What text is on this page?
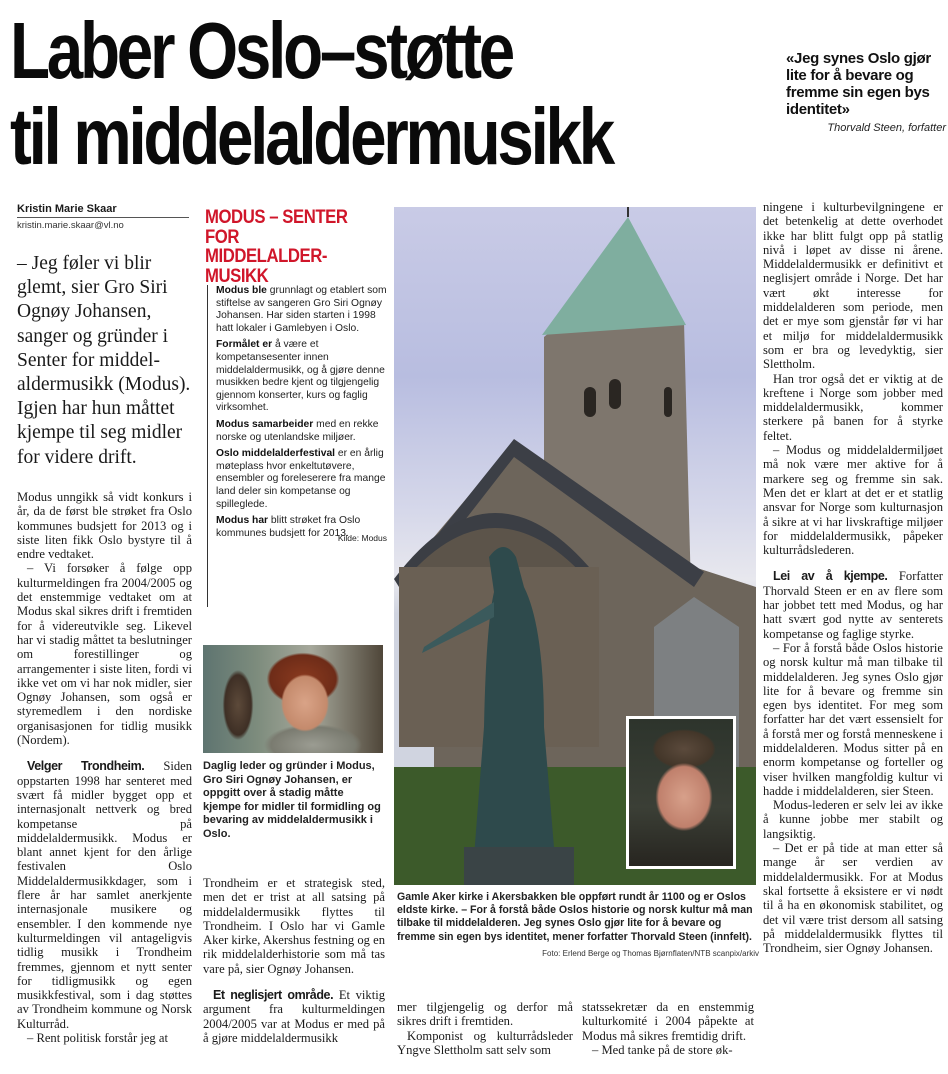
Laber Oslo–støtte
til middelaldermusikk
«Jeg synes Oslo gjør lite for å bevare og fremme sin egen bys identitet»
Thorvald Steen, forfatter
Kristin Marie Skaar
kristin.marie.skaar@vl.no
– Jeg føler vi blir glemt, sier Gro Siri Ognøy Johansen, sanger og gründer i Senter for middel-aldermusikk (Modus). Igjen har hun måttet kjempe til seg midler for videre drift.

Modus unngikk så vidt konkurs i år, da de først ble strøket fra Oslo kommunes budsjett for 2013 og i siste liten fikk Oslo bystyre til å endre vedtaket.

– Vi forsøker å følge opp kulturmeldingen fra 2004/2005 og det enstemmige vedtaket om at Modus skal sikres drift i fremtiden for å videreutvikle seg. Likevel har vi stadig måttet ta beslutninger om forestillinger og arrangementer i siste liten, fordi vi ikke vet om vi har nok midler, sier Ognøy Johansen, som også er styremedlem i den nordiske organisasjonen for tidlig musikk (Nordem).

Velger Trondheim. Siden oppstarten 1998 har senteret med svært få midler bygget opp et internasjonalt nettverk og bred kompetanse på middelaldermusikk. Modus er blant annet kjent for den årlige festivalen Oslo Middelaldermusikkdager, som i flere år har samlet anerkjente internasjonale musikere og ensembler. I den kommende nye kulturmeldingen vil antageligvis tidlig musikk i Trondheim fremmes, gjennom et nytt senter for tidligmusikk og egen musikkfestival, som i dag støttes av Trondheim kommune og Norsk Kulturråd.

– Rent politisk forstår jeg at

MODUS – SENTER FOR MIDDELALDER-MUSIKK

Modus ble grunnlagt og etablert som stiftelse av sangeren Gro Siri Ognøy Johansen. Har siden starten i 1998 hatt lokaler i Gamlebyen i Oslo.

Formålet er å være et kompetansesenter innen middelaldermusikk, og å gjøre denne musikken bedre kjent og tilgjengelig gjennom konserter, kurs og faglig virksomhet.

Modus samarbeider med en rekke norske og utenlandske miljøer.

Oslo middelalderfestival er en årlig møteplass hvor enkeltutøvere, ensembler og foreleserere fra mange land deler sin kompetanse og spilleglede.

Modus har blitt strøket fra Oslo kommunes budsjett for 2013.

Kilde: Modus
Daglig leder og gründer i Modus, Gro Siri Ognøy Johansen, er oppgitt over å stadig måtte kjempe for midler til formidling og bevaring av middelaldermusikk i Oslo.

Trondheim er et strategisk sted, men det er trist at all satsing på middelaldermusikk flyttes til Trondheim. I Oslo har vi Gamle Aker kirke, Akershus festning og en rik middelalderhistorie som må tas vare på, sier Ognøy Johansen.

Et neglisjert område. Et viktig argument fra kulturmeldingen 2004/2005 var at Modus er med på å gjøre middelaldermusikk

Gamle Aker kirke i Akersbakken ble oppført rundt år 1100 og er Oslos eldste kirke. – For å forstå både Oslos historie og norsk kultur må man tilbake til middelalderen. Jeg synes Oslo gjør lite for å bevare og fremme sin egen bys identitet, mener forfatter Thorvald Steen (innfelt).
Foto: Erlend Berge og Thomas Bjørnflaten/NTB scanpix/arkiv

mer tilgjengelig og derfor må sikres drift i fremtiden.

Komponist og kulturrådsleder Yngve Slettholm satt selv som

statssekretær da en enstemmig kulturkomité i 2004 påpekte at Modus må sikres fremtidig drift.

– Med tanke på de store øk-

ningene i kulturbevilgningene er det betenkelig at dette overhodet ikke har blitt fulgt opp på statlig nivå i løpet av disse ni årene. Middelaldermusikk er definitivt et neglisjert område i Norge. Det har vært økt interesse for middelalderen som periode, men det er mye som gjenstår før vi har et miljø for middelaldermusikk som er bra og levedyktig, sier Slettholm.

Han tror også det er viktig at de kreftene i Norge som jobber med middelaldermusikk, kommer sterkere på banen for å styrke feltet.

– Modus og middelaldermiljøet må nok være mer aktive for å markere seg og fremme sin sak. Men det er klart at det er et statlig ansvar for Norge som kulturnasjon å sikre at vi har livskraftige miljøer for middelaldermusikk, påpeker kulturrådslederen.

Lei av å kjempe. Forfatter Thorvald Steen er en av flere som har jobbet tett med Modus, og har hatt svært god nytte av senterets kompetanse og faglige styrke.

– For å forstå både Oslos historie og norsk kultur må man tilbake til middelalderen. Jeg synes Oslo gjør lite for å bevare og fremme sin egen bys identitet. For meg som forfatter har det vært essensielt for å forstå mer og forstå menneskene i middelalderen. Modus sitter på en enorm kompetanse og forteller og viser hvilken mangfoldig kultur vi hadde i middelalderen, sier Steen.

Modus-lederen er selv lei av ikke å kunne jobbe mer stabilt og langsiktig.

– Det er på tide at man etter så mange år ser verdien av middelaldermusikk. For at Modus skal fortsette å eksistere er vi nødt til å ha en økonomisk stabilitet, og det vil være trist dersom all satsing på middelaldermusikk flyttes til Trondheim, sier Ognøy Johansen.
